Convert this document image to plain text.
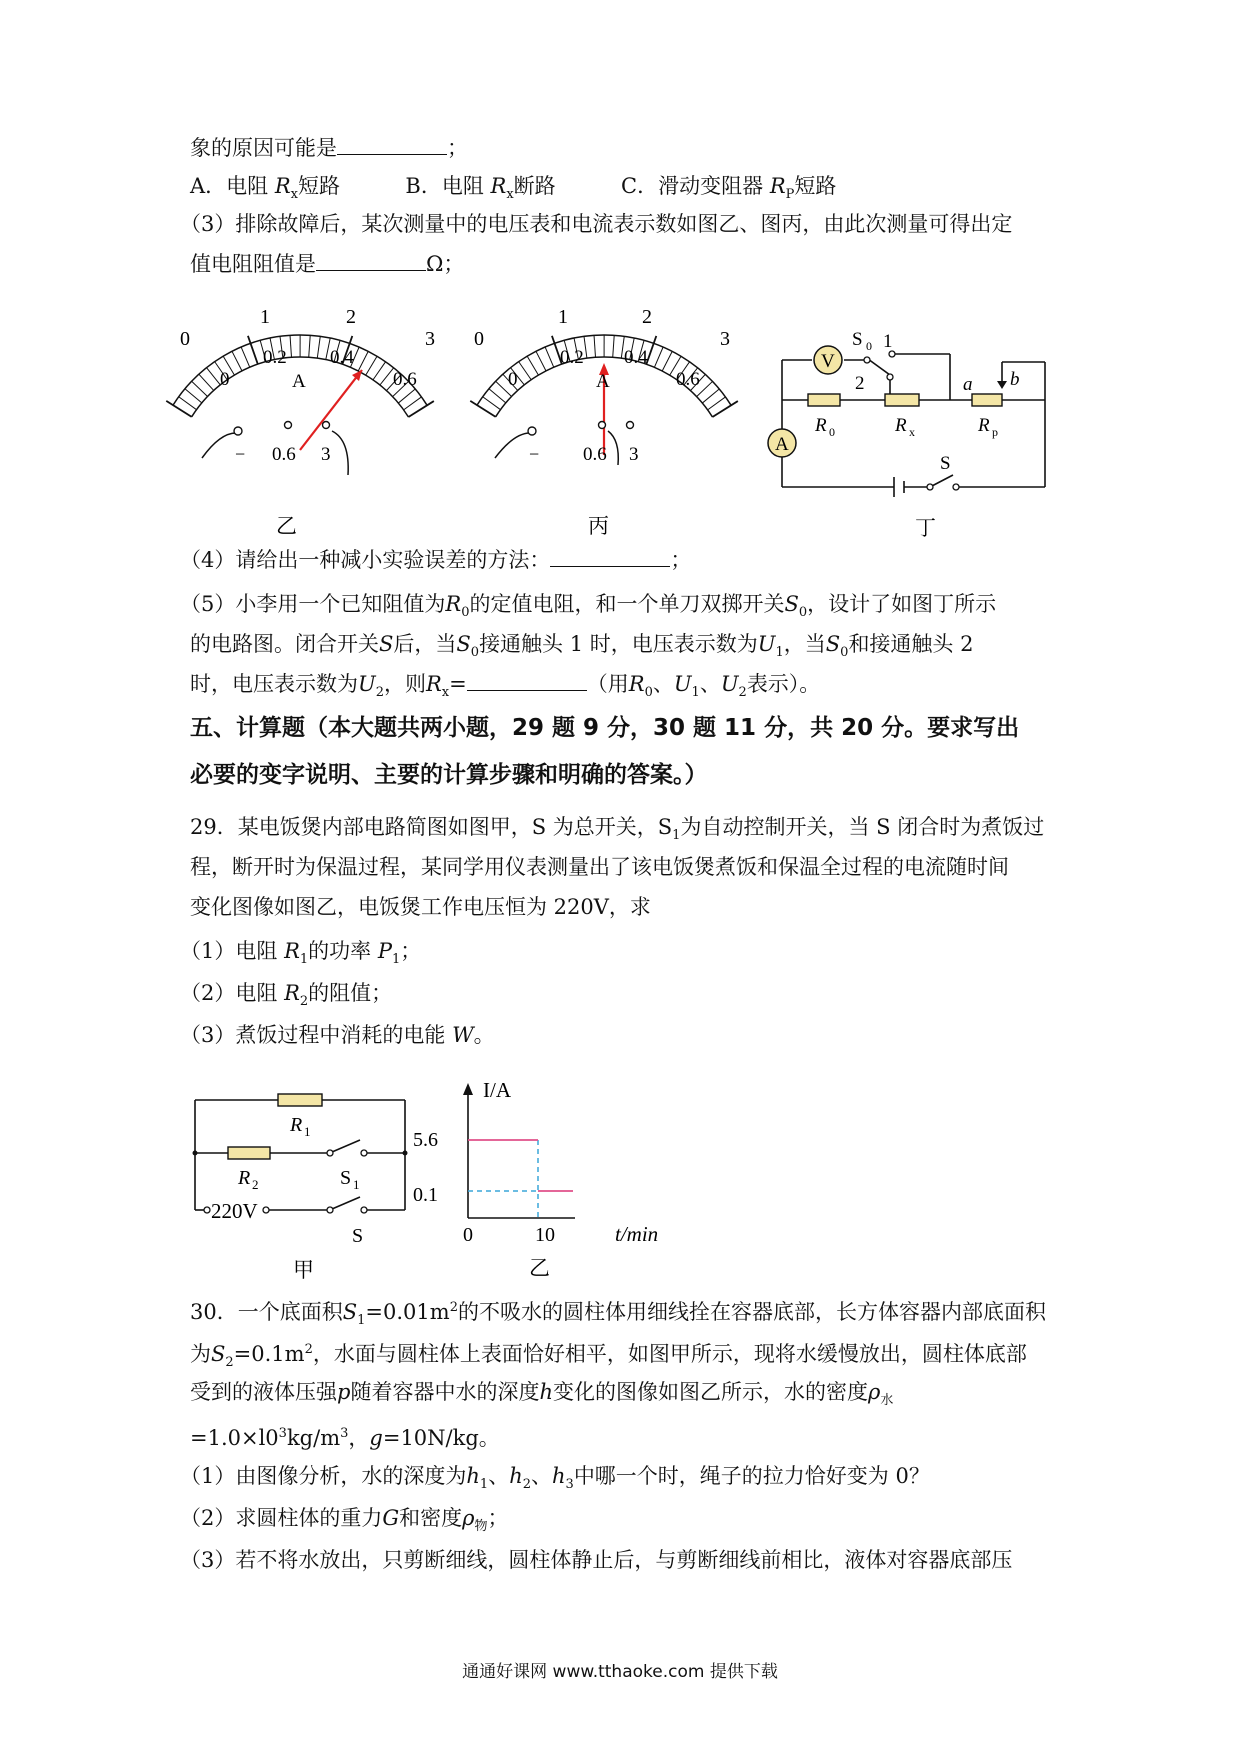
象的原因可能是	；
A．电阻 $R_x$短路	B．电阻 $R_x$断路	C．滑动变阻器 $R_P$短路
（3）排除故障后，某次测量中的电压表和电流表示数如图乙、图丙，由此次测量可得出定
值电阻阻值是	Ω；
0
1	2
3
0
0.2 0.4
0.6
A
− 0.6 3
乙
0
1	2
3
0
0.2 0.4
0.6
A
− 0.6 3
丙
V
A
S 0 1
2
R 0	R x
a b
R p
S
丁
（4）请给出一种减小实验误差的方法：	；
（5）小李用一个已知阻值为$R_0$的定值电阻，和一个单刀双掷开关$S_0$，设计了如图丁所示
的电路图。闭合开关S后，当$S_0$接通触头 1 时，电压表示数为$U_1$，当$S_0$和接通触头 2
时，电压表示数为$U_2$，则$R_x=$	（用$R_0$、$U_1$、$U_2$表示）。
五、计算题（本大题共两小题，29 题 9 分，30 题 11 分，共 20 分。要求写出
必要的变字说明、主要的计算步骤和明确的答案。）
29．某电饭煲内部电路简图如图甲，S 为总开关，$S_1$为自动控制开关，当 S 闭合时为煮饭过
程，断开时为保温过程，某同学用仪表测量出了该电饭煲煮饭和保温全过程的电流随时间
变化图像如图乙，电饭煲工作电压恒为 220V，求
（1）电阻 $R_1$的功率 $P_1$；
（2）电阻 $R_2$的阻值；
（3）煮饭过程中消耗的电能 W。
220V
R 1
R 2	S 1
S
甲
I/A
0	10	t/min
5.6
0.1
乙
30．一个底面积$S_1=0.01m^2$的不吸水的圆柱体用细线拴在容器底部，长方体容器内部底面积
为$S_2=0.1m^2$，水面与圆柱体上表面恰好相平，如图甲所示，现将水缓慢放出，圆柱体底部
受到的液体压强p随着容器中水的深度h变化的图像如图乙所示，水的密度$\rho_水$
$=1.0\times l0^3kg/m^3$，g=10N/kg。
（1）由图像分析，水的深度为$h_1$、$h_2$、$h_3$中哪一个时，绳子的拉力恰好变为 0？
（2）求圆柱体的重力G和密度$\rho_物$；
（3）若不将水放出，只剪断细线，圆柱体静止后，与剪断细线前相比，液体对容器底部压
通通好课网 www.tthaoke.com 提供下载
